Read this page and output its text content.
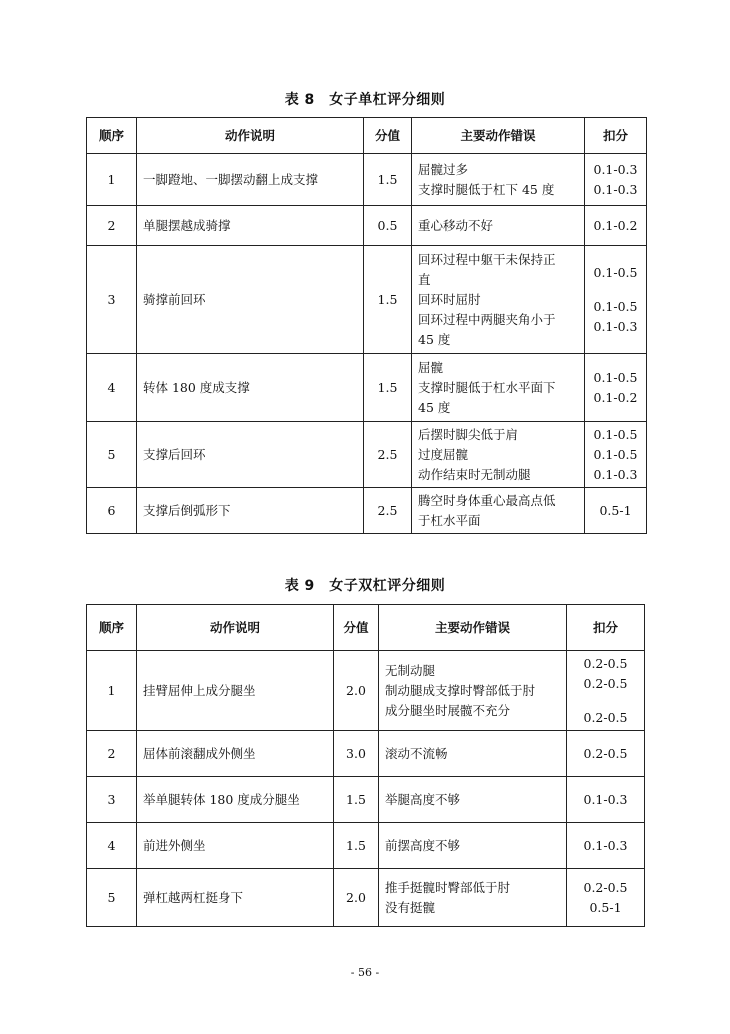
表 8　女子单杠评分细则
顺序	动作说明	分值	主要动作错误	扣分
1	一脚蹬地、一脚摆动翻上成支撑	1.5	屈髋过多
支撑时腿低于杠下 45 度	0.1-0.3
0.1-0.3

2	单腿摆越成骑撑	0.5	重心移动不好	0.1-0.2

3	骑撑前回环	1.5	回环过程中躯干未保持正
直
回环时屈肘
回环过程中两腿夹角小于
45 度	0.1-0.5
0.1-0.5
0.1-0.3

4	转体 180 度成支撑	1.5	屈髋
支撑时腿低于杠水平面下
45 度	0.1-0.5
0.1-0.2

5	支撑后回环	2.5	后摆时脚尖低于肩
过度屈髋
动作结束时无制动腿	0.1-0.5
0.1-0.5
0.1-0.3

6	支撑后倒弧形下	2.5	腾空时身体重心最高点低
于杠水平面	0.5-1
表 9　女子双杠评分细则
顺序	动作说明	分值	主要动作错误	扣分
1	挂臂屈伸上成分腿坐	2.0	无制动腿
制动腿成支撑时臀部低于肘
成分腿坐时展髋不充分	0.2-0.5
0.2-0.5
0.2-0.5

2	屈体前滚翻成外侧坐	3.0	滚动不流畅	0.2-0.5

3	举单腿转体 180 度成分腿坐	1.5	举腿高度不够	0.1-0.3

4	前进外侧坐	1.5	前摆高度不够	0.1-0.3

5	弹杠越两杠挺身下	2.0	推手挺髋时臀部低于肘
没有挺髋	0.2-0.5
0.5-1
- 56 -
